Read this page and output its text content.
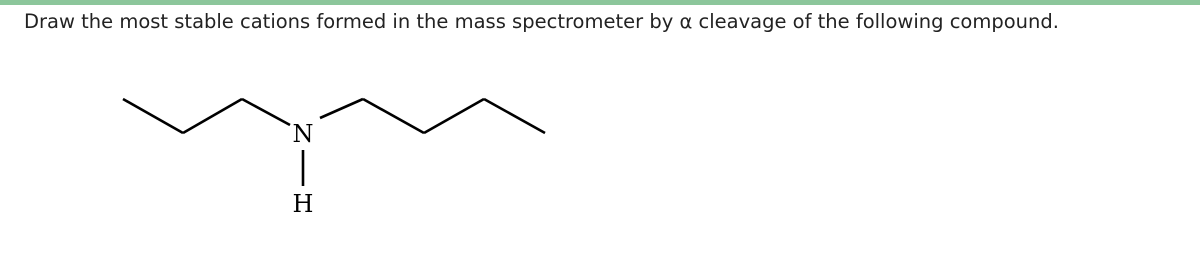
Draw the most stable cations formed in the mass spectrometer by α cleavage of the following compound.

N
H
